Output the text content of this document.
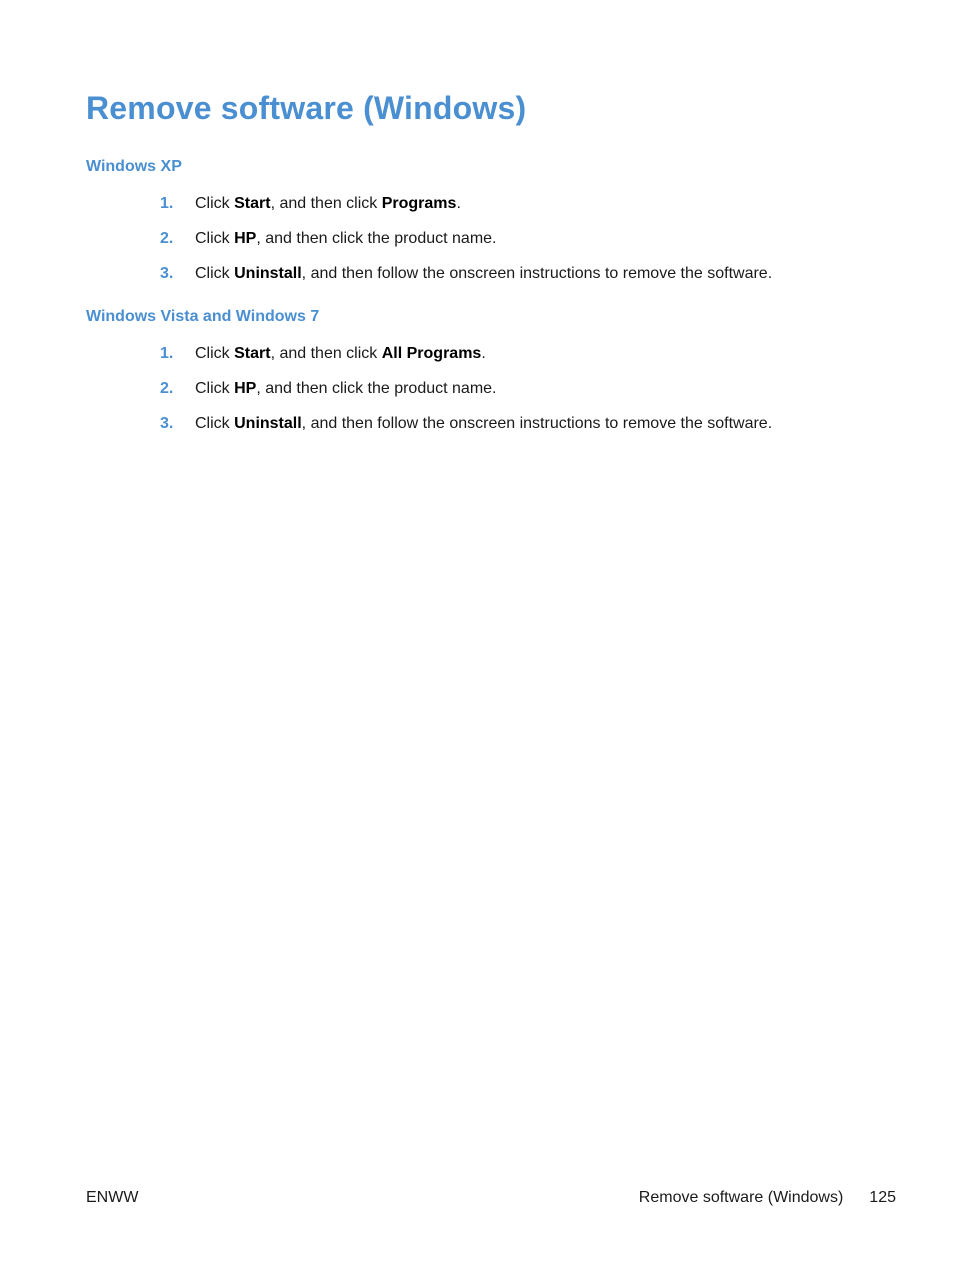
Remove software (Windows)
Windows XP
1. Click Start, and then click Programs.
2. Click HP, and then click the product name.
3. Click Uninstall, and then follow the onscreen instructions to remove the software.
Windows Vista and Windows 7
1. Click Start, and then click All Programs.
2. Click HP, and then click the product name.
3. Click Uninstall, and then follow the onscreen instructions to remove the software.
ENWW	Remove software (Windows) 125
